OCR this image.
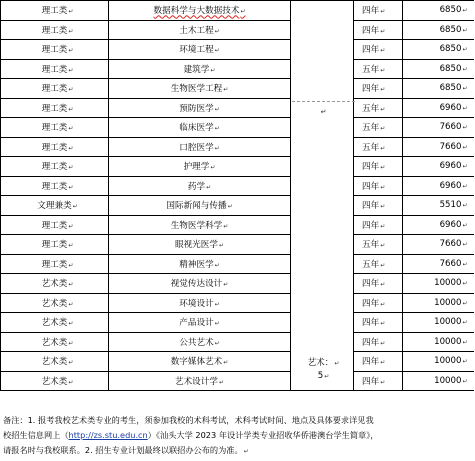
理工类 ↵	数据科学与大数据技术 ↵		四年 ↵	6850 ↵
理工类 ↵	土木工程 ↵		四年 ↵	6850 ↵
理工类 ↵	环境工程 ↵		四年 ↵	6850 ↵
理工类 ↵	建筑学 ↵		五年 ↵	6850 ↵
理工类 ↵	生物医学工程 ↵		四年 ↵	6850 ↵
理工类 ↵	预防医学 ↵		五年 ↵	6960 ↵
理工类 ↵	临床医学 ↵		五年 ↵	7660 ↵
理工类 ↵	口腔医学 ↵		五年 ↵	7660 ↵
理工类 ↵	护理学 ↵		四年 ↵	6960 ↵
理工类 ↵	药学 ↵		四年 ↵	6960 ↵
文理兼类 ↵	国际新闻与传播 ↵		四年 ↵	5510 ↵
理工类 ↵	生物医学科学 ↵		四年 ↵	6960 ↵
理工类 ↵	眼视光医学 ↵		五年 ↵	7660 ↵
理工类 ↵	精神医学 ↵		五年 ↵	7660 ↵
艺术类 ↵	视觉传达设计 ↵		四年 ↵	10000 ↵
艺术类 ↵	环境设计 ↵		四年 ↵	10000 ↵
艺术类 ↵	产品设计 ↵		四年 ↵	10000 ↵
艺术类 ↵	公共艺术 ↵		四年 ↵	10000 ↵
艺术类 ↵	数字媒体艺术 ↵		四年 ↵	10000 ↵
艺术类 ↵	艺术设计学 ↵		四年 ↵	10000 ↵
↵
艺术： ↵
5 ↵
备注：1. 报考我校艺术类专业的考生，须参加我校的术科考试，术科考试时间、地点及具体要求详见我
校招生信息网上（http://zs.stu.edu.cn）《汕头大学 2023 年设计学类专业招收华侨港澳台学生简章》，
请报名时与我校联系。2. 招生专业计划最终以联招办公布的为准。 ↵
